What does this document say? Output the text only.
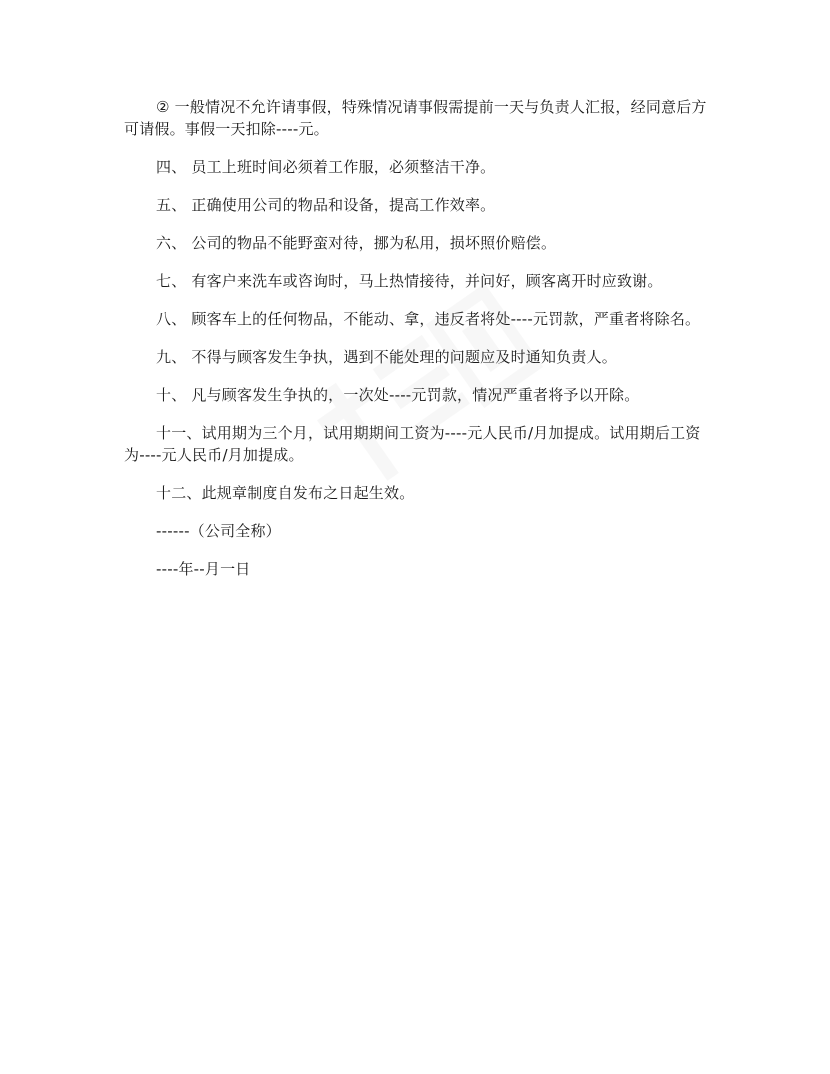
② 一般情况不允许请事假，特殊情况请事假需提前一天与负责人汇报，经同意后方可请假。事假一天扣除----元。

四、 员工上班时间必须着工作服，必须整洁干净。

五、 正确使用公司的物品和设备，提高工作效率。

六、 公司的物品不能野蛮对待，挪为私用，损坏照价赔偿。

七、 有客户来洗车或咨询时，马上热情接待，并问好，顾客离开时应致谢。

八、 顾客车上的任何物品，不能动、拿，违反者将处----元罚款，严重者将除名。

九、 不得与顾客发生争执，遇到不能处理的问题应及时通知负责人。

十、 凡与顾客发生争执的，一次处----元罚款，情况严重者将予以开除。

十一、试用期为三个月，试用期期间工资为----元人民币/月加提成。试用期后工资为----元人民币/月加提成。

十二、此规章制度自发布之日起生效。

------（公司全称）

----年--月一日
